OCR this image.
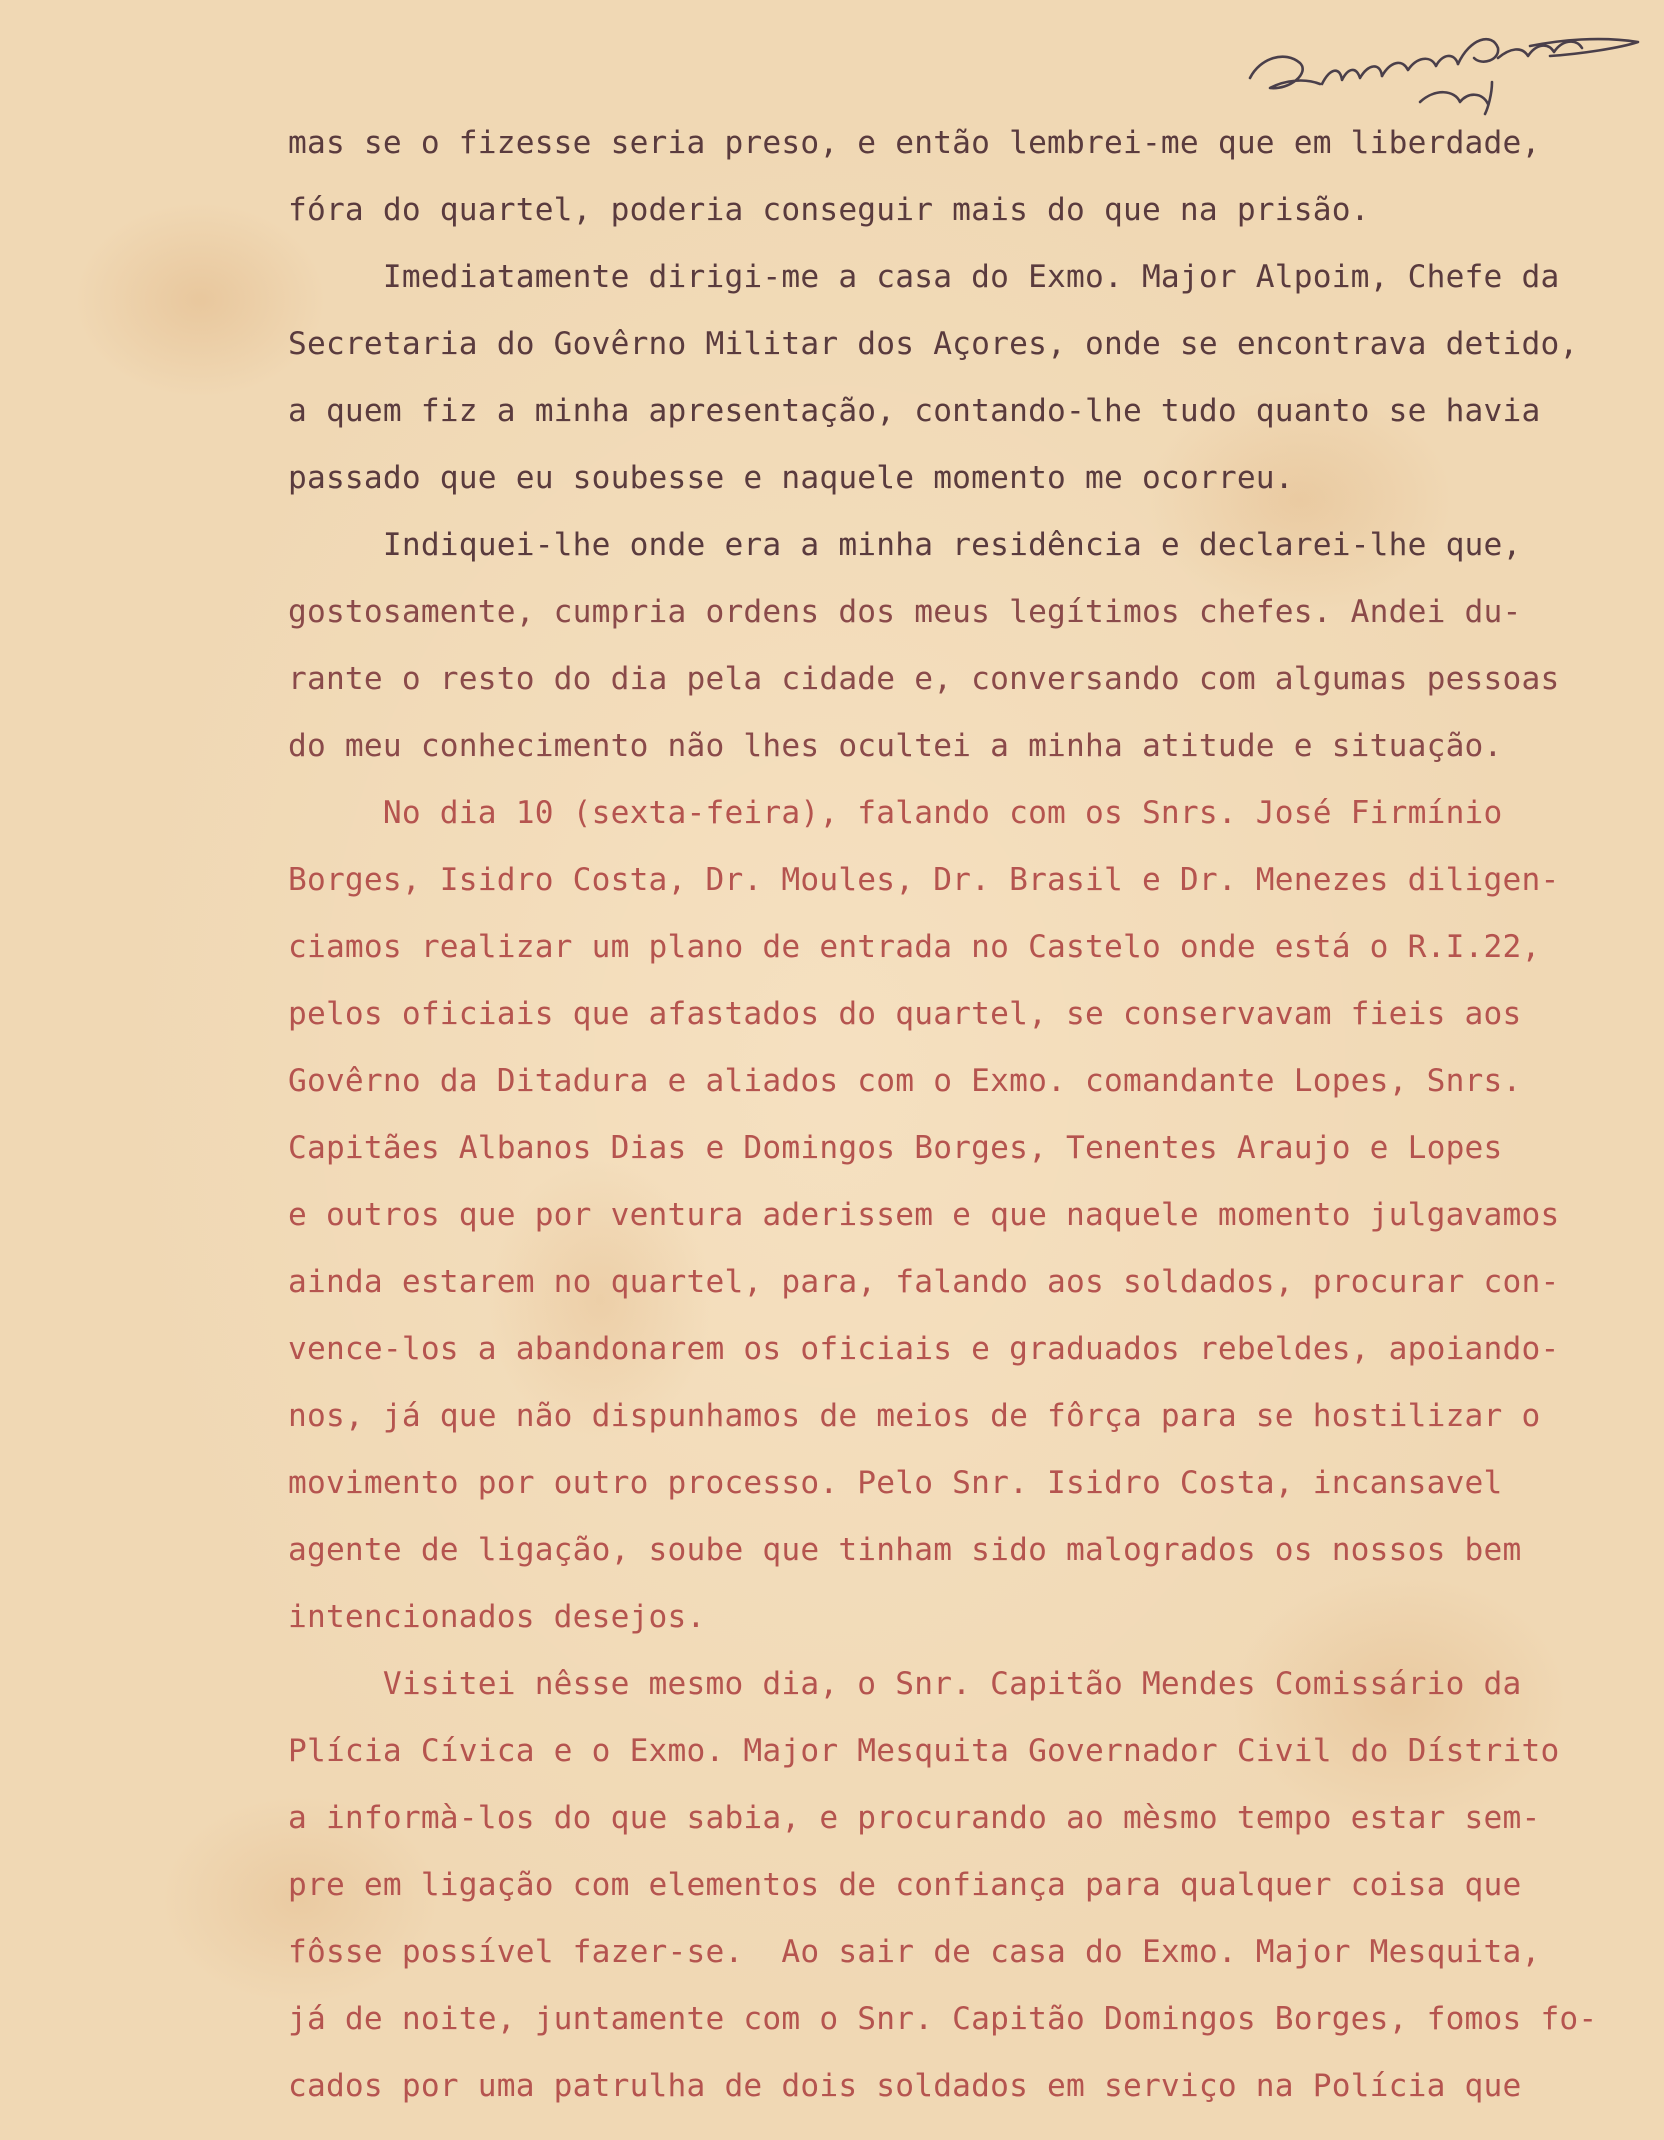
mas se o fizesse seria preso, e então lembrei-me que em liberdade,
fóra do quartel, poderia conseguir mais do que na prisão.
Imediatamente dirigi-me a casa do Exmo. Major Alpoim, Chefe da
Secretaria do Govêrno Militar dos Açores, onde se encontrava detido,
a quem fiz a minha apresentação, contando-lhe tudo quanto se havia
passado que eu soubesse e naquele momento me ocorreu.
Indiquei-lhe onde era a minha residência e declarei-lhe que,
gostosamente, cumpria ordens dos meus legítimos chefes. Andei du-
rante o resto do dia pela cidade e, conversando com algumas pessoas
do meu conhecimento não lhes ocultei a minha atitude e situação.
No dia 10 (sexta-feira), falando com os Snrs. José Firmínio
Borges, Isidro Costa, Dr. Moules, Dr. Brasil e Dr. Menezes diligen-
ciamos realizar um plano de entrada no Castelo onde está o R.I.22,
pelos oficiais que afastados do quartel, se conservavam fieis aos
Govêrno da Ditadura e aliados com o Exmo. comandante Lopes, Snrs.
Capitães Albanos Dias e Domingos Borges, Tenentes Araujo e Lopes
e outros que por ventura aderissem e que naquele momento julgavamos
ainda estarem no quartel, para, falando aos soldados, procurar con-
vence-los a abandonarem os oficiais e graduados rebeldes, apoiando-
nos, já que não dispunhamos de meios de fôrça para se hostilizar o
movimento por outro processo. Pelo Snr. Isidro Costa, incansavel
agente de ligação, soube que tinham sido malogrados os nossos bem
intencionados desejos.
Visitei nêsse mesmo dia, o Snr. Capitão Mendes Comissário da
Plícia Cívica e o Exmo. Major Mesquita Governador Civil do Dístrito
a informà-los do que sabia, e procurando ao mèsmo tempo estar sem-
pre em ligação com elementos de confiança para qualquer coisa que
fôsse possível fazer-se.  Ao sair de casa do Exmo. Major Mesquita,
já de noite, juntamente com o Snr. Capitão Domingos Borges, fomos fo-
cados por uma patrulha de dois soldados em serviço na Polícia que
